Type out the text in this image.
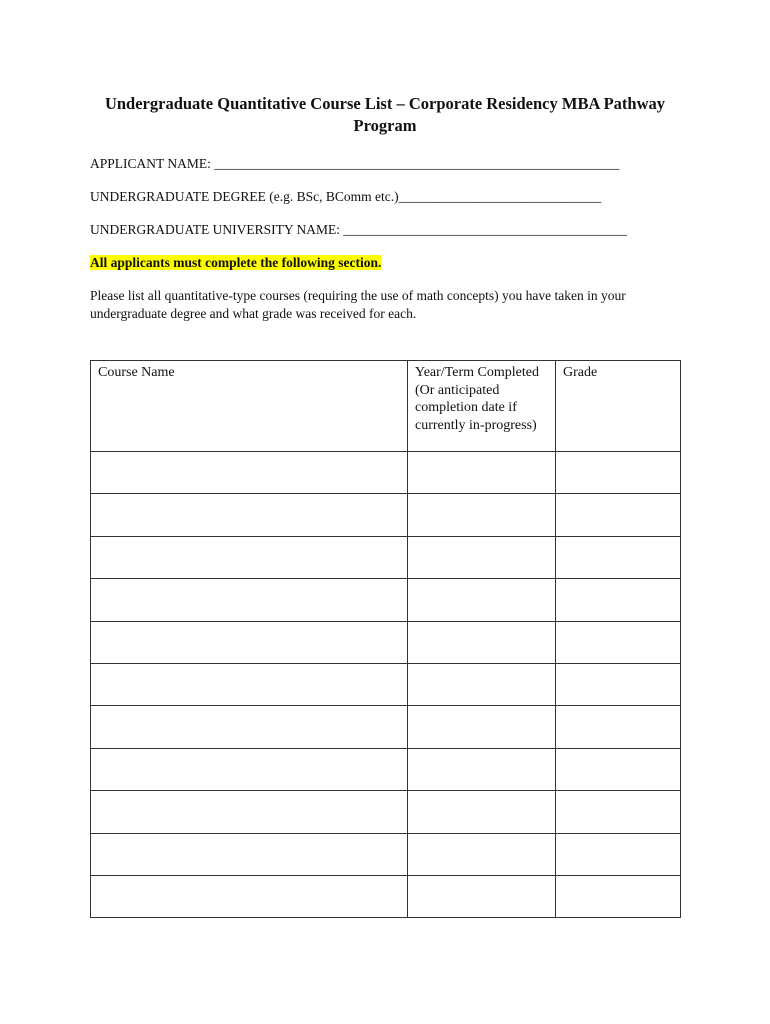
Undergraduate Quantitative Course List – Corporate Residency MBA Pathway Program
APPLICANT NAME: ____________________________________________________________
UNDERGRADUATE DEGREE (e.g. BSc, BComm etc.)______________________________
UNDERGRADUATE UNIVERSITY NAME: __________________________________________
All applicants must complete the following section.
Please list all quantitative-type courses (requiring the use of math concepts) you have taken in your undergraduate degree and what grade was received for each.
Course Name	Year/Term Completed (Or anticipated completion date if currently in-progress)	Grade
